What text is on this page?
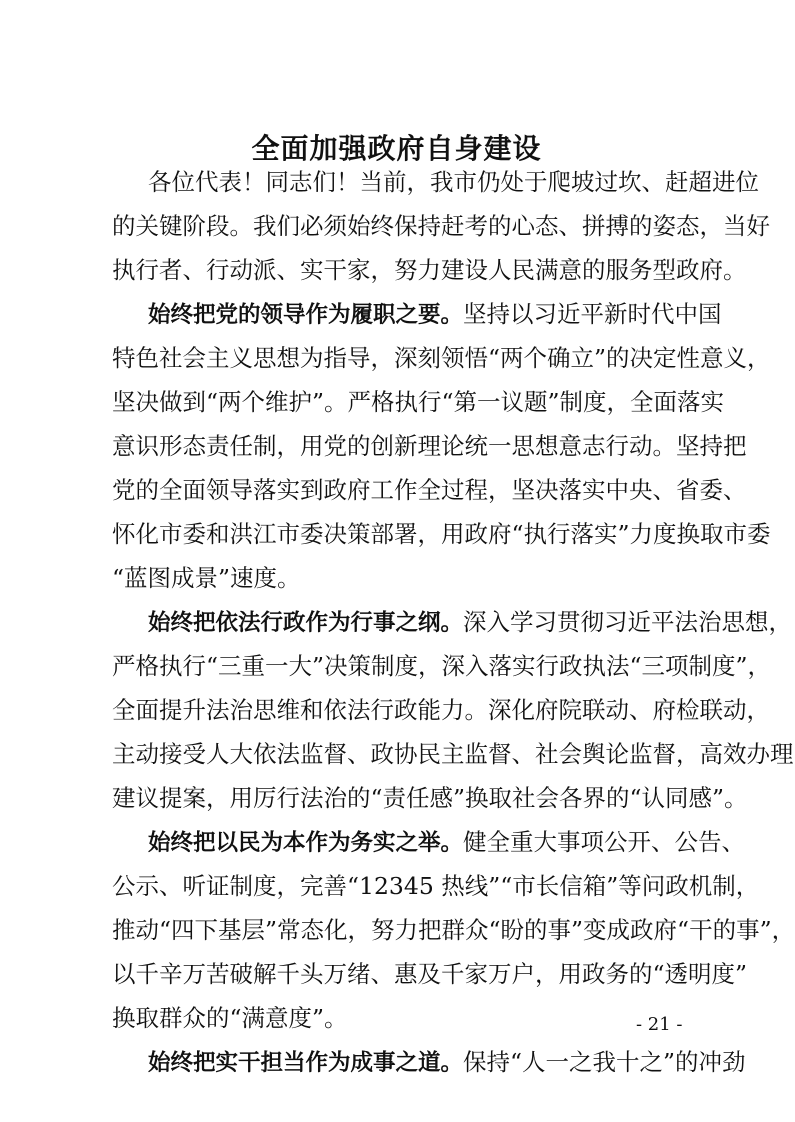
全面加强政府自身建设
各位代表！同志们！当前，我市仍处于爬坡过坎、赶超进位
的关键阶段。我们必须始终保持赶考的心态、拼搏的姿态，当好
执行者、行动派、实干家，努力建设人民满意的服务型政府。
始终把党的领导作为履职之要。坚持以习近平新时代中国
特色社会主义思想为指导，深刻领悟“两个确立”的决定性意义，
坚决做到“两个维护”。严格执行“第一议题”制度，全面落实
意识形态责任制，用党的创新理论统一思想意志行动。坚持把
党的全面领导落实到政府工作全过程，坚决落实中央、省委、
怀化市委和洪江市委决策部署，用政府“执行落实”力度换取市委
“蓝图成景”速度。
始终把依法行政作为行事之纲。深入学习贯彻习近平法治思想，
严格执行“三重一大”决策制度，深入落实行政执法“三项制度”，
全面提升法治思维和依法行政能力。深化府院联动、府检联动，
主动接受人大依法监督、政协民主监督、社会舆论监督，高效办理
建议提案，用厉行法治的“责任感”换取社会各界的“认同感”。
始终把以民为本作为务实之举。健全重大事项公开、公告、
公示、听证制度，完善“12345 热线”“市长信箱”等问政机制，
推动“四下基层”常态化，努力把群众“盼的事”变成政府“干的事”，
以千辛万苦破解千头万绪、惠及千家万户，用政务的“透明度”
换取群众的“满意度”。
始终把实干担当作为成事之道。保持“人一之我十之”的冲劲
- 21 -
